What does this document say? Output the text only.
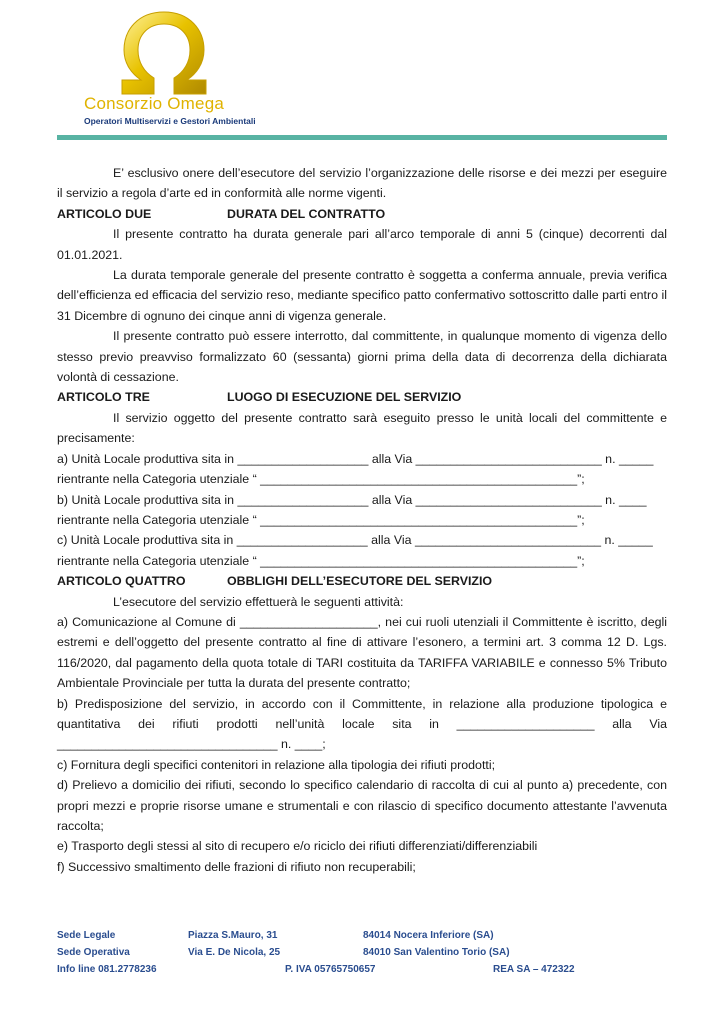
Consorzio Omega
Operatori Multiservizi e Gestori Ambientali

E’ esclusivo onere dell’esecutore del servizio l’organizzazione delle risorse e dei mezzi per eseguire il servizio a regola d’arte ed in conformità alle norme vigenti.

ARTICOLO DUE	DURATA DEL CONTRATTO

Il presente contratto ha durata generale pari all’arco temporale di anni 5 (cinque) decorrenti dal 01.01.2021.

La durata temporale generale del presente contratto è soggetta a conferma annuale, previa verifica dell’efficienza ed efficacia del servizio reso, mediante specifico patto confermativo sottoscritto dalle parti entro il 31 Dicembre di ognuno dei cinque anni di vigenza generale.

Il presente contratto può essere interrotto, dal committente, in qualunque momento di vigenza dello stesso previo preavviso formalizzato 60 (sessanta) giorni prima della data di decorrenza della dichiarata volontà di cessazione.

ARTICOLO TRE	LUOGO DI ESECUZIONE DEL SERVIZIO

Il servizio oggetto del presente contratto sarà eseguito presso le unità locali del committente e precisamente:

a) Unità Locale produttiva sita in ___________________ alla Via ___________________________ n. _____
rientrante nella Categoria utenziale “ ______________________________________________”;
b) Unità Locale produttiva sita in ___________________ alla Via ___________________________ n. ____
rientrante nella Categoria utenziale “ ______________________________________________”;
c) Unità Locale produttiva sita in ___________________ alla Via ___________________________ n. _____
rientrante nella Categoria utenziale “ ______________________________________________”;
ARTICOLO QUATTRO	OBBLIGHI DELL’ESECUTORE DEL SERVIZIO

L’esecutore del servizio effettuerà le seguenti attività:

a) Comunicazione al Comune di ____________________, nei cui ruoli utenziali il Committente è iscritto, degli estremi e dell’oggetto del presente contratto al fine di attivare l’esonero, a termini art. 3 comma 12 D. Lgs. 116/2020, dal pagamento della quota totale di TARI costituita da TARIFFA VARIABILE e connesso 5% Tributo Ambientale Provinciale per tutta la durata del presente contratto;

b) Predisposizione del servizio, in accordo con il Committente, in relazione alla produzione tipologica e quantitativa dei rifiuti prodotti nell’unità locale sita in ____________________ alla Via ________________________________ n. ____;

c) Fornitura degli specifici contenitori in relazione alla tipologia dei rifiuti prodotti;

d) Prelievo a domicilio dei rifiuti, secondo lo specifico calendario di raccolta di cui al punto a) precedente, con propri mezzi e proprie risorse umane e strumentali e con rilascio di specifico documento attestante l’avvenuta raccolta;

e) Trasporto degli stessi al sito di recupero e/o riciclo dei rifiuti differenziati/differenziabili

f) Successivo smaltimento delle frazioni di rifiuto non recuperabili;

Sede Legale	Piazza S.Mauro, 31	84014 Nocera Inferiore (SA)
Sede Operativa	Via E. De Nicola, 25	84010 San Valentino Torio (SA)
Info line 081.2778236	P. IVA 05765750657	REA SA – 472322
